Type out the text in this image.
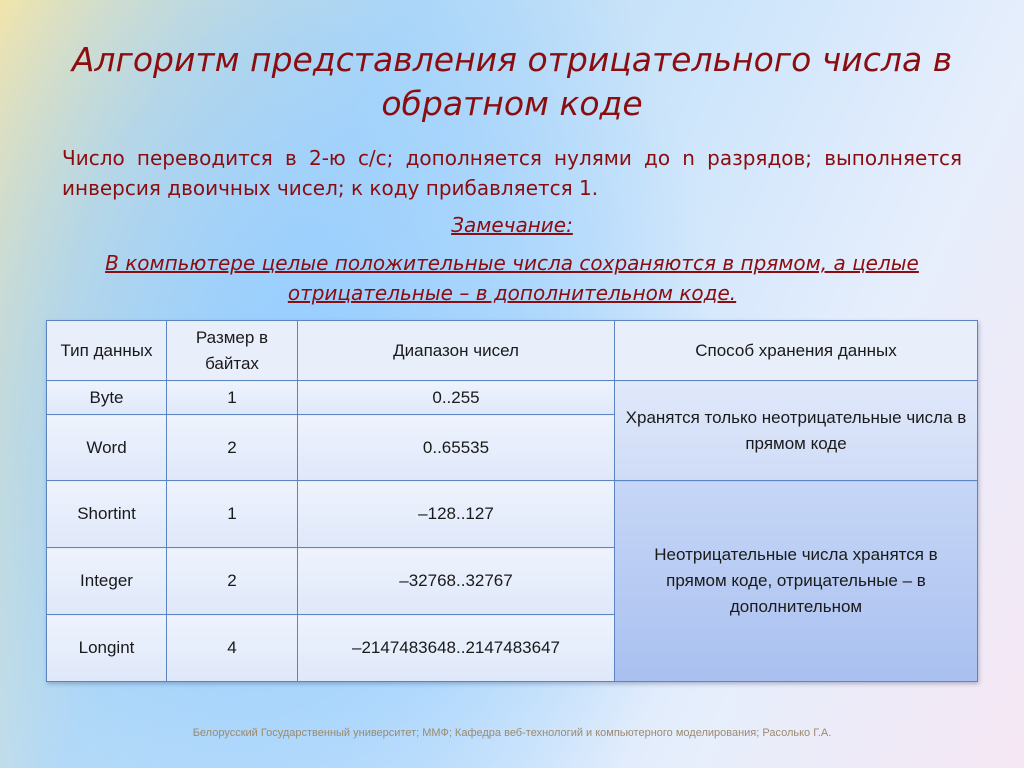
Алгоритм представления отрицательного числа в обратном коде

Число переводится в 2-ю с/с; дополняется нулями до n разрядов; выполняется инверсия двоичных чисел; к коду прибавляется 1.

Замечание:
В компьютере целые положительные числа сохраняются в прямом, а целые отрицательные – в дополнительном коде.
Тип данных	Размер в байтах	Диапазон чисел	Способ хранения данных
Byte	1	0..255	Хранятся только неотрицательные числа в прямом коде
Word	2	0..65535	
Shortint	1	–128..127	Неотрицательные числа хранятся в прямом коде, отрицательные – в дополнительном
Integer	2	–32768..32767	
Longint	4	–2147483648..2147483647	
Белорусский Государственный университет; ММФ; Кафедра веб-технологий и компьютерного моделирования; Расолько Г.А.
